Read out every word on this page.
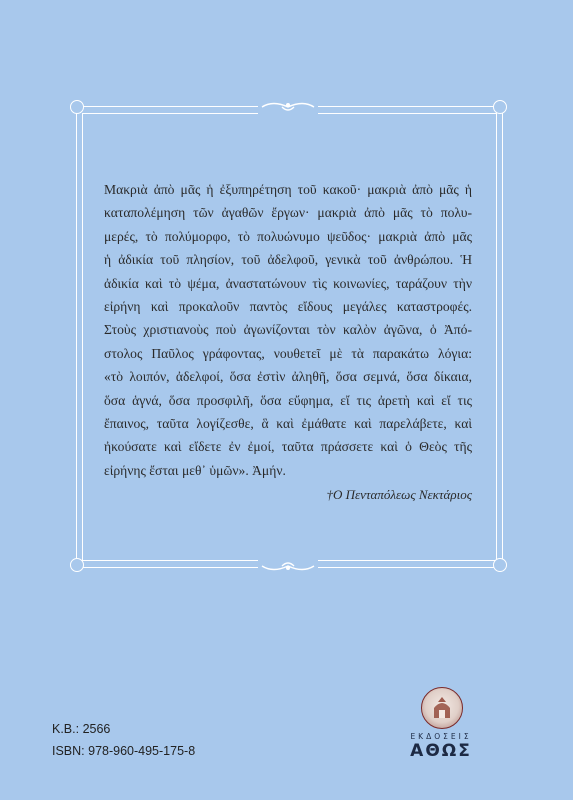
Μακριὰ ἀπὸ μᾶς ἡ ἐξυπηρέτηση τοῦ κακοῦ· μακριὰ ἀπὸ μᾶς ἡ
καταπολέμηση τῶν ἀγαθῶν ἔργων· μακριὰ ἀπὸ μᾶς τὸ πολυ-
μερές, τὸ πολύμορφο, τὸ πολυώνυμο ψεῦδος· μακριὰ ἀπὸ μᾶς
ἡ ἀδικία τοῦ πλησίον, τοῦ ἀδελφοῦ, γενικὰ τοῦ ἀνθρώπου. Ἡ
ἀδικία καὶ τὸ ψέμα, ἀναστατώνουν τὶς κοινωνίες, ταράζουν τὴν
εἰρήνη καὶ προκαλοῦν παντὸς εἴδους μεγάλες καταστροφές.
Στοὺς χριστιανοὺς ποὺ ἀγωνίζονται τὸν καλὸν ἀγῶνα, ὁ Ἀπό-
στολος Παῦλος γράφοντας, νουθετεῖ μὲ τὰ παρακάτω λόγια:
«τὸ λοιπόν, ἀδελφοί, ὅσα ἐστὶν ἀληθῆ, ὅσα σεμνά, ὅσα δίκαια,
ὅσα ἁγνά, ὅσα προσφιλῆ, ὅσα εὔφημα, εἴ τις ἀρετὴ καὶ εἴ τις
ἔπαινος, ταῦτα λογίζεσθε, ἃ καὶ ἐμάθατε καὶ παρελάβετε, καὶ
ἠκούσατε καὶ εἴδετε ἐν ἐμοί, ταῦτα πράσσετε καὶ ὁ Θεὸς τῆς
εἰρήνης ἔσται μεθ᾽ ὑμῶν». Ἀμήν.
†Ο Πενταπόλεως Νεκτάριος
Κ.Β.: 2566
ISBN: 978-960-495-175-8
ΕΚΔΟΣΕΙΣ
ΑΘΩΣ
